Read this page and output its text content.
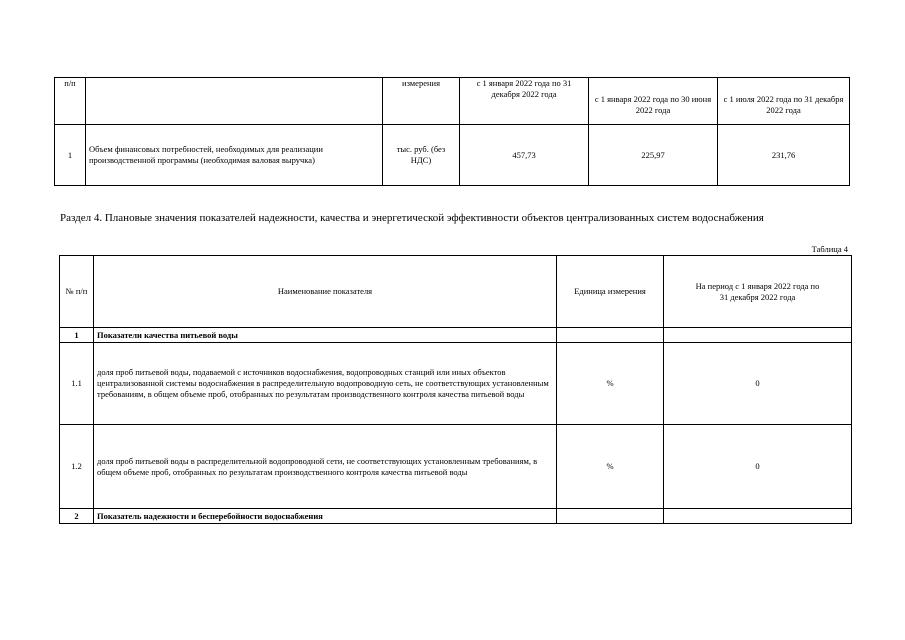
п/п		измерения	с 1 января 2022 года по 31 декабря 2022 года	с 1 января 2022 года по 30 июня 2022 года	с 1 июля 2022 года по 31 декабря 2022 года
1	Объем финансовых потребностей, необходимых для реализации производственной программы (необходимая валовая выручка)	тыс. руб. (без НДС)	457,73	225,97	231,76
Раздел 4. Плановые значения показателей надежности, качества и энергетической эффективности объектов централизованных систем водоснабжения
Таблица 4
№ п/п	Наименование показателя	Единица измерения	На период с 1 января 2022 года по 31 декабря 2022 года
1	Показатели качества питьевой воды		
1.1	доля проб питьевой воды, подаваемой с источников водоснабжения, водопроводных станций или иных объектов централизованной системы водоснабжения в распределительную водопроводную сеть, не соответствующих установленным требованиям, в общем объеме проб, отобранных по результатам производственного контроля качества питьевой воды	%	0
1.2	доля проб питьевой воды в распределительной водопроводной сети, не соответствующих установленным требованиям, в общем объеме проб, отобранных по результатам производственного контроля качества питьевой воды	%	0
2	Показатель надежности и бесперебойности водоснабжения		
